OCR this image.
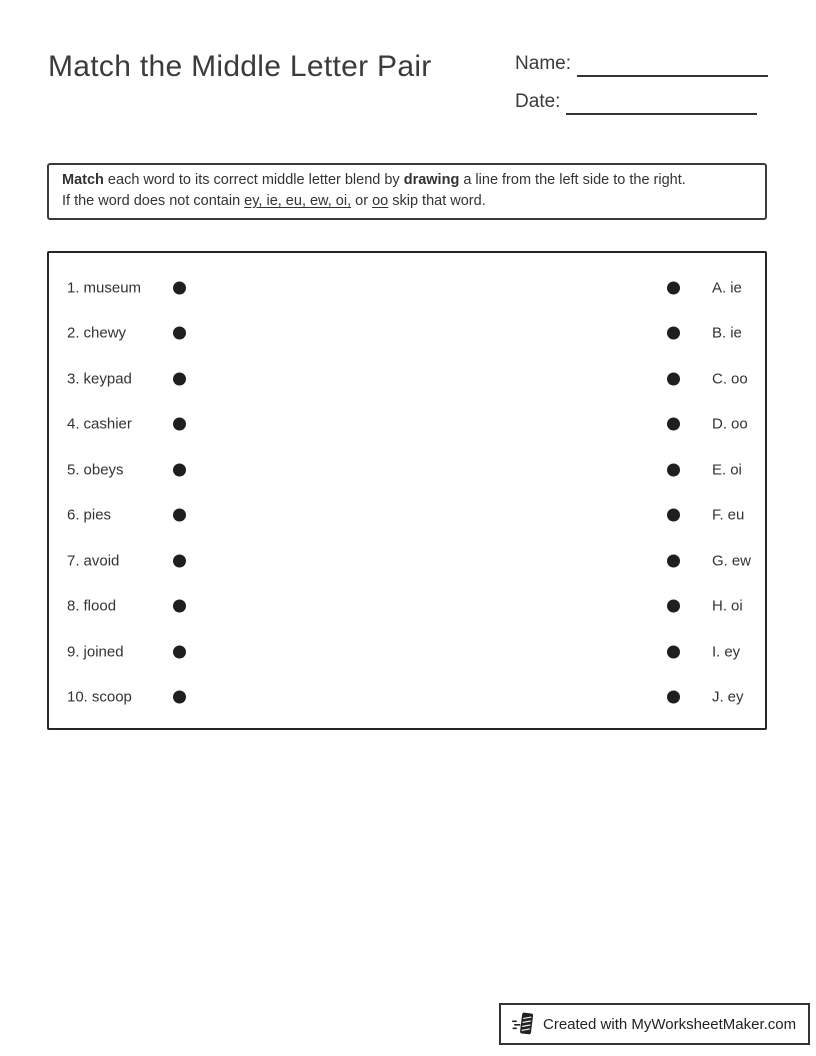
Match the Middle Letter Pair	Name:
Date:
Match each word to its correct middle letter blend by drawing a line from the left side to the right.
If the word does not contain ey, ie, eu, ew, oi, or oo skip that word.
1. museum	A. ie
2. chewy	B. ie
3. keypad	C. oo
4. cashier	D. oo
5. obeys	E. oi
6. pies	F. eu
7. avoid	G. ew
8. flood	H. oi
9. joined	I. ey
10. scoop	J. ey
Created with MyWorksheetMaker.com
